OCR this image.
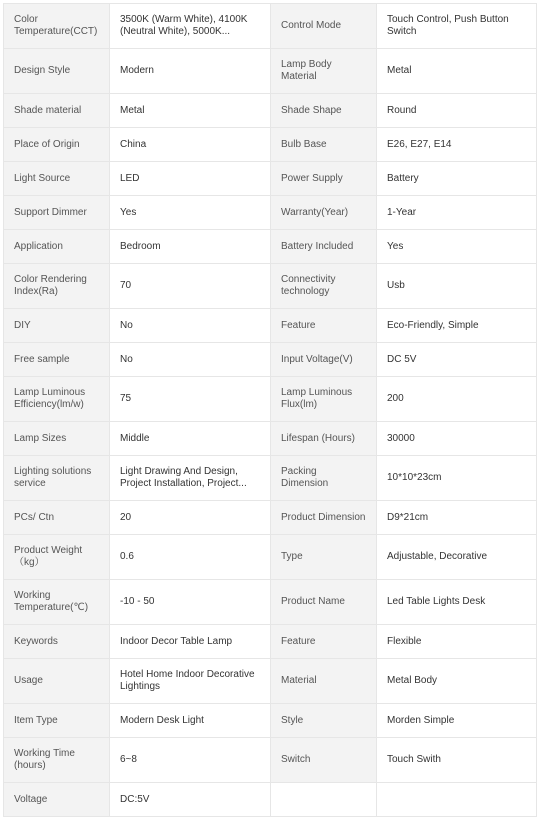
Color Temperature(CCT)	3500K (Warm White), 4100K (Neutral White), 5000K...	Control Mode	Touch Control, Push Button Switch

Design Style	Modern	Lamp Body Material	Metal

Shade material	Metal	Shade Shape	Round

Place of Origin	China	Bulb Base	E26, E27, E14

Light Source	LED	Power Supply	Battery

Support Dimmer	Yes	Warranty(Year)	1-Year

Application	Bedroom	Battery Included	Yes

Color Rendering Index(Ra)	70	Connectivity technology	Usb

DIY	No	Feature	Eco-Friendly, Simple

Free sample	No	Input Voltage(V)	DC 5V

Lamp Luminous Efficiency(lm/w)	75	Lamp Luminous Flux(lm)	200

Lamp Sizes	Middle	Lifespan (Hours)	30000

Lighting solutions service	Light Drawing And Design, Project Installation, Project...	Packing Dimension	10*10*23cm

PCs/ Ctn	20	Product Dimension	D9*21cm

Product Weight （kg）	0.6	Type	Adjustable, Decorative

Working Temperature(℃)	-10 - 50	Product Name	Led Table Lights Desk

Keywords	Indoor Decor Table Lamp	Feature	Flexible

Usage	Hotel Home Indoor Decorative Lightings	Material	Metal Body

Item Type	Modern Desk Light	Style	Morden Simple

Working Time (hours)	6~8	Switch	Touch Swith

Voltage	DC:5V		
